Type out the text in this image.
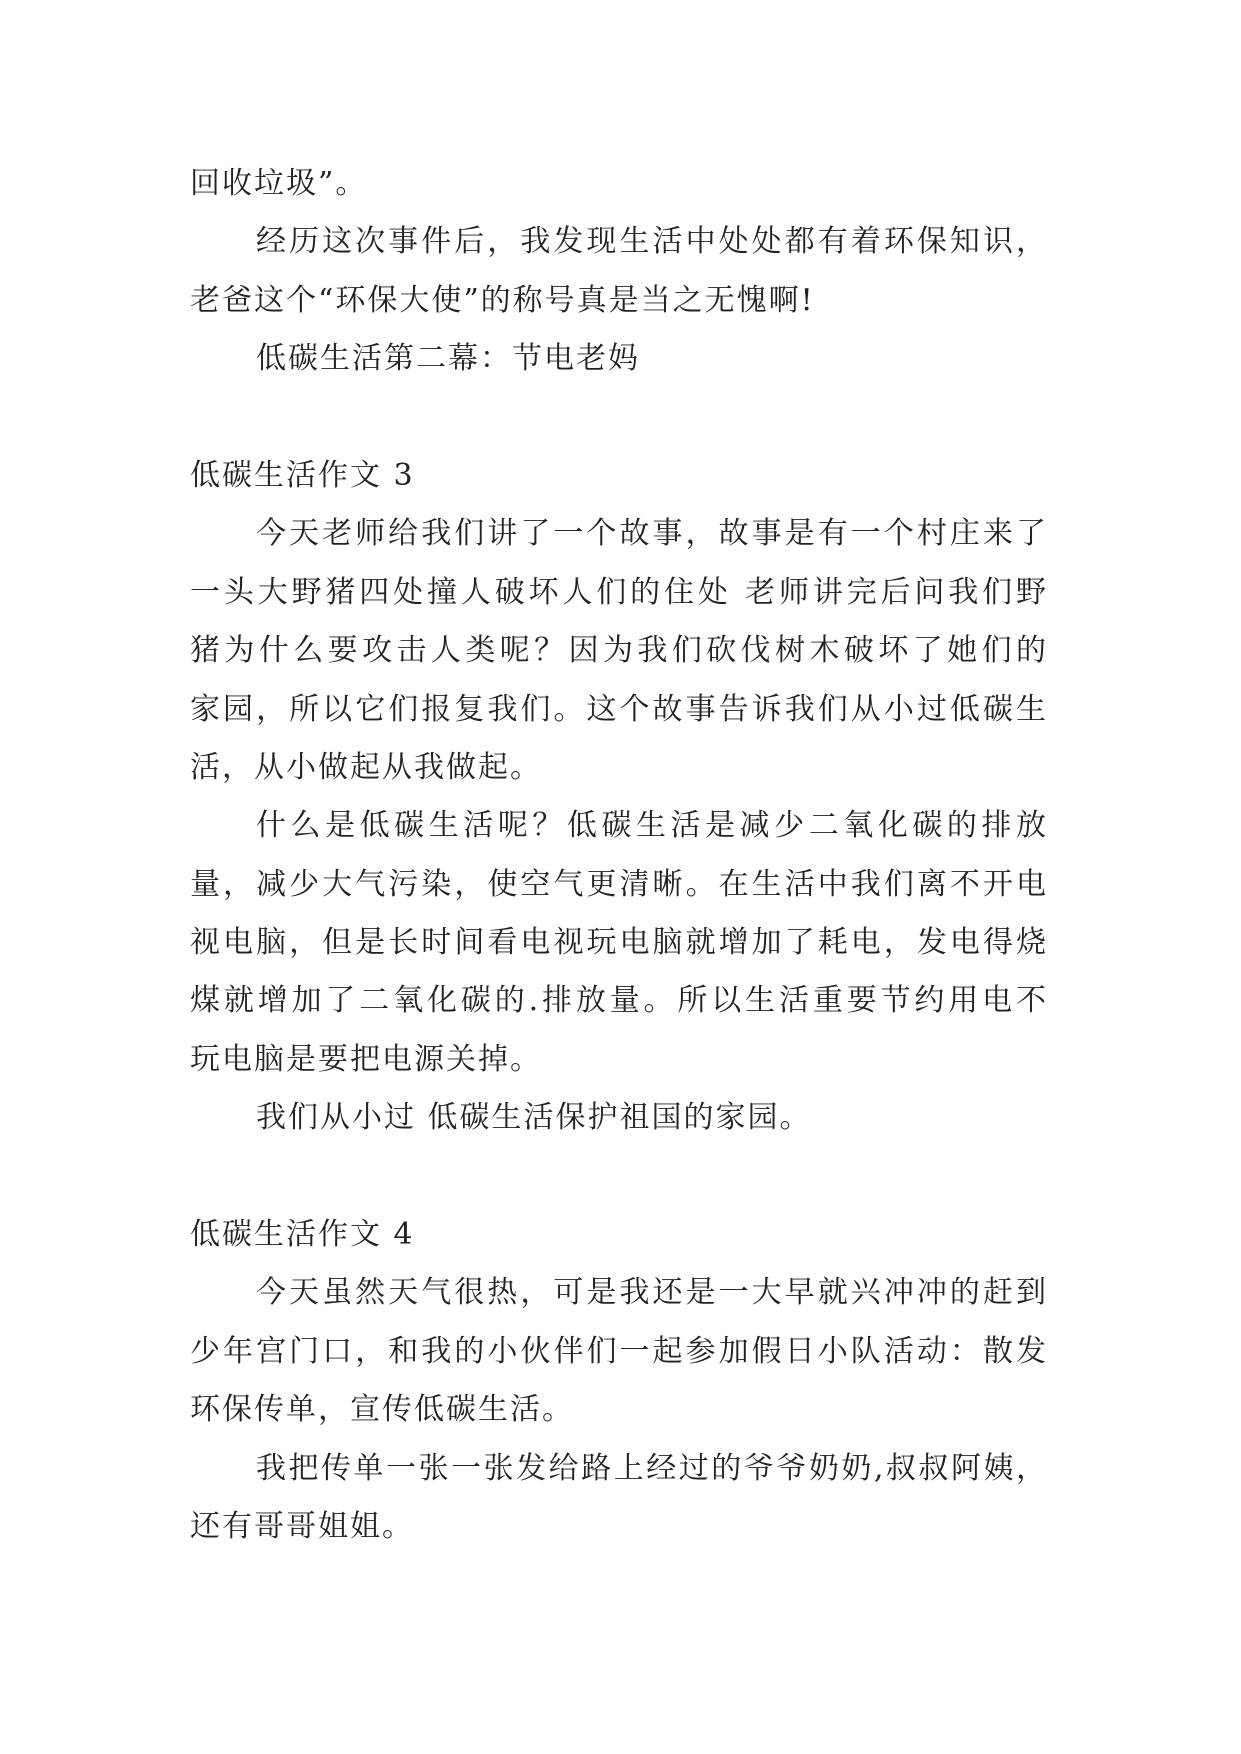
回收垃圾”。
经历这次事件后，我发现生活中处处都有着环保知识，
老爸这个“环保大使”的称号真是当之无愧啊!
低碳生活第二幕：节电老妈
低碳生活作文 3
今天老师给我们讲了一个故事，故事是有一个村庄来了
一头大野猪四处撞人破坏人们的住处 老师讲完后问我们野
猪为什么要攻击人类呢？因为我们砍伐树木破坏了她们的
家园，所以它们报复我们。这个故事告诉我们从小过低碳生
活，从小做起从我做起。
什么是低碳生活呢？低碳生活是减少二氧化碳的排放
量，减少大气污染，使空气更清晰。在生活中我们离不开电
视电脑，但是长时间看电视玩电脑就增加了耗电，发电得烧
煤就增加了二氧化碳的.排放量。所以生活重要节约用电不
玩电脑是要把电源关掉。
我们从小过 低碳生活保护祖国的家园。
低碳生活作文 4
今天虽然天气很热，可是我还是一大早就兴冲冲的赶到
少年宫门口，和我的小伙伴们一起参加假日小队活动：散发
环保传单，宣传低碳生活。
我把传单一张一张发给路上经过的爷爷奶奶,叔叔阿姨，
还有哥哥姐姐。
